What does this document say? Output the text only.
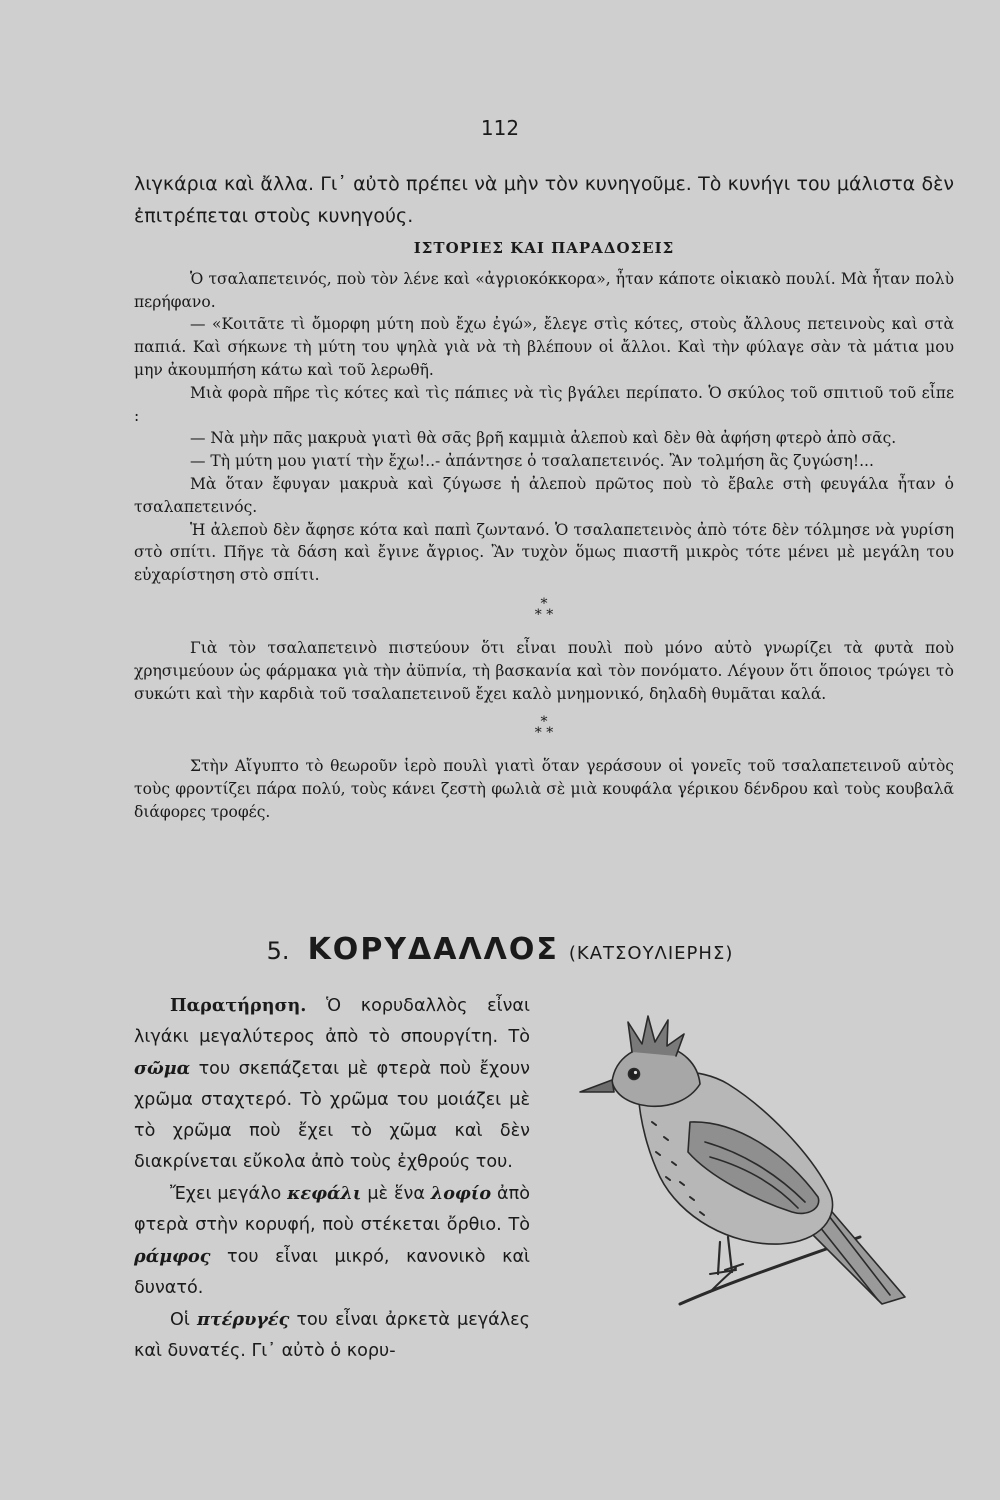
112
λιγκάρια καὶ ἄλλα. Γι᾽ αὐτὸ πρέπει νὰ μὴν τὸν κυνηγοῦμε. Τὸ κυνήγι του μάλιστα δὲν ἐπιτρέπεται στοὺς κυνηγούς.
ΙΣΤΟΡΙΕΣ ΚΑΙ ΠΑΡΑΔΟΣΕΙΣ

Ὁ τσαλαπετεινός, ποὺ τὸν λένε καὶ «ἀγριοκόκκορα», ἦταν κάποτε οἰκιακὸ πουλί. Μὰ ἦταν πολὺ περήφανο.

— «Κοιτᾶτε τὶ ὄμορφη μύτη ποὺ ἔχω ἐγώ», ἔλεγε στὶς κότες, στοὺς ἄλλους πετεινοὺς καὶ στὰ παπιά. Καὶ σήκωνε τὴ μύτη του ψηλὰ γιὰ νὰ τὴ βλέπουν οἱ ἄλλοι. Καὶ τὴν φύλαγε σὰν τὰ μάτια μου μην ἀκουμπήση κάτω καὶ τοῦ λερωθῆ.

Μιὰ φορὰ πῆρε τὶς κότες καὶ τὶς πάπιες νὰ τὶς βγάλει περίπατο. Ὁ σκύλος τοῦ σπιτιοῦ τοῦ εἶπε :

— Νὰ μὴν πᾶς μακρυὰ γιατὶ θὰ σᾶς βρῆ καμμιὰ ἀλεποὺ καὶ δὲν θὰ ἀφήση φτερὸ ἀπὸ σᾶς.

— Τὴ μύτη μου γιατί τὴν ἔχω!..- ἀπάντησε ὁ τσαλαπετεινός. Ἂν τολμήση ἂς ζυγώση!...

Μὰ ὅταν ἔφυγαν μακρυὰ καὶ ζύγωσε ἡ ἀλεποὺ πρῶτος ποὺ τὸ ἔβαλε στὴ φευγάλα ἦταν ὁ τσαλαπετεινός.

Ἡ ἀλεποὺ δὲν ἄφησε κότα καὶ παπὶ ζωντανό. Ὁ τσαλαπετεινὸς ἀπὸ τότε δὲν τόλμησε νὰ γυρίση στὸ σπίτι. Πῆγε τὰ δάση καὶ ἔγινε ἄγριος. Ἂν τυχὸν ὅμως πιαστῆ μικρὸς τότε μένει μὲ μεγάλη του εὐχαρίστηση στὸ σπίτι.

*
* *

Γιὰ τὸν τσαλαπετεινὸ πιστεύουν ὅτι εἶναι πουλὶ ποὺ μόνο αὐτὸ γνωρίζει τὰ φυτὰ ποὺ χρησιμεύουν ὡς φάρμακα γιὰ τὴν ἀϋπνία, τὴ βασκανία καὶ τὸν πονόματο. Λέγουν ὅτι ὅποιος τρώγει τὸ συκώτι καὶ τὴν καρδιὰ τοῦ τσαλαπετεινοῦ ἔχει καλὸ μνημονικό, δηλαδὴ θυμᾶται καλά.

*
* *

Στὴν Αἴγυπτο τὸ θεωροῦν ἱερὸ πουλὶ γιατὶ ὅταν γεράσουν οἱ γονεῖς τοῦ τσαλαπετεινοῦ αὐτὸς τοὺς φροντίζει πάρα πολύ, τοὺς κάνει ζεστὴ φωλιὰ σὲ μιὰ κουφάλα γέρικου δένδρου καὶ τοὺς κουβαλᾶ διάφορες τροφές.

5. ΚΟΡΥΔΑΛΛΟΣ (ΚΑΤΣΟΥΛΙΕΡΗΣ)

Παρατήρηση. Ὁ κορυδαλλὸς εἶναι λιγάκι μεγαλύτερος ἀπὸ τὸ σπουργίτη. Τὸ σῶμα του σκεπάζεται μὲ φτερὰ ποὺ ἔχουν χρῶμα σταχτερό. Τὸ χρῶμα του μοιάζει μὲ τὸ χρῶμα ποὺ ἔχει τὸ χῶμα καὶ δὲν διακρίνεται εὔκολα ἀπὸ τοὺς ἐχθρούς του.

Ἔχει μεγάλο κεφάλι μὲ ἕνα λοφίο ἀπὸ φτερὰ στὴν κορυφή, ποὺ στέκεται ὄρθιο. Τὸ ράμφος του εἶναι μικρό, κανονικὸ καὶ δυνατό.

Οἱ πτέρυγές του εἶναι ἀρκετὰ μεγάλες καὶ δυνατές. Γι᾽ αὐτὸ ὁ κορυ-
